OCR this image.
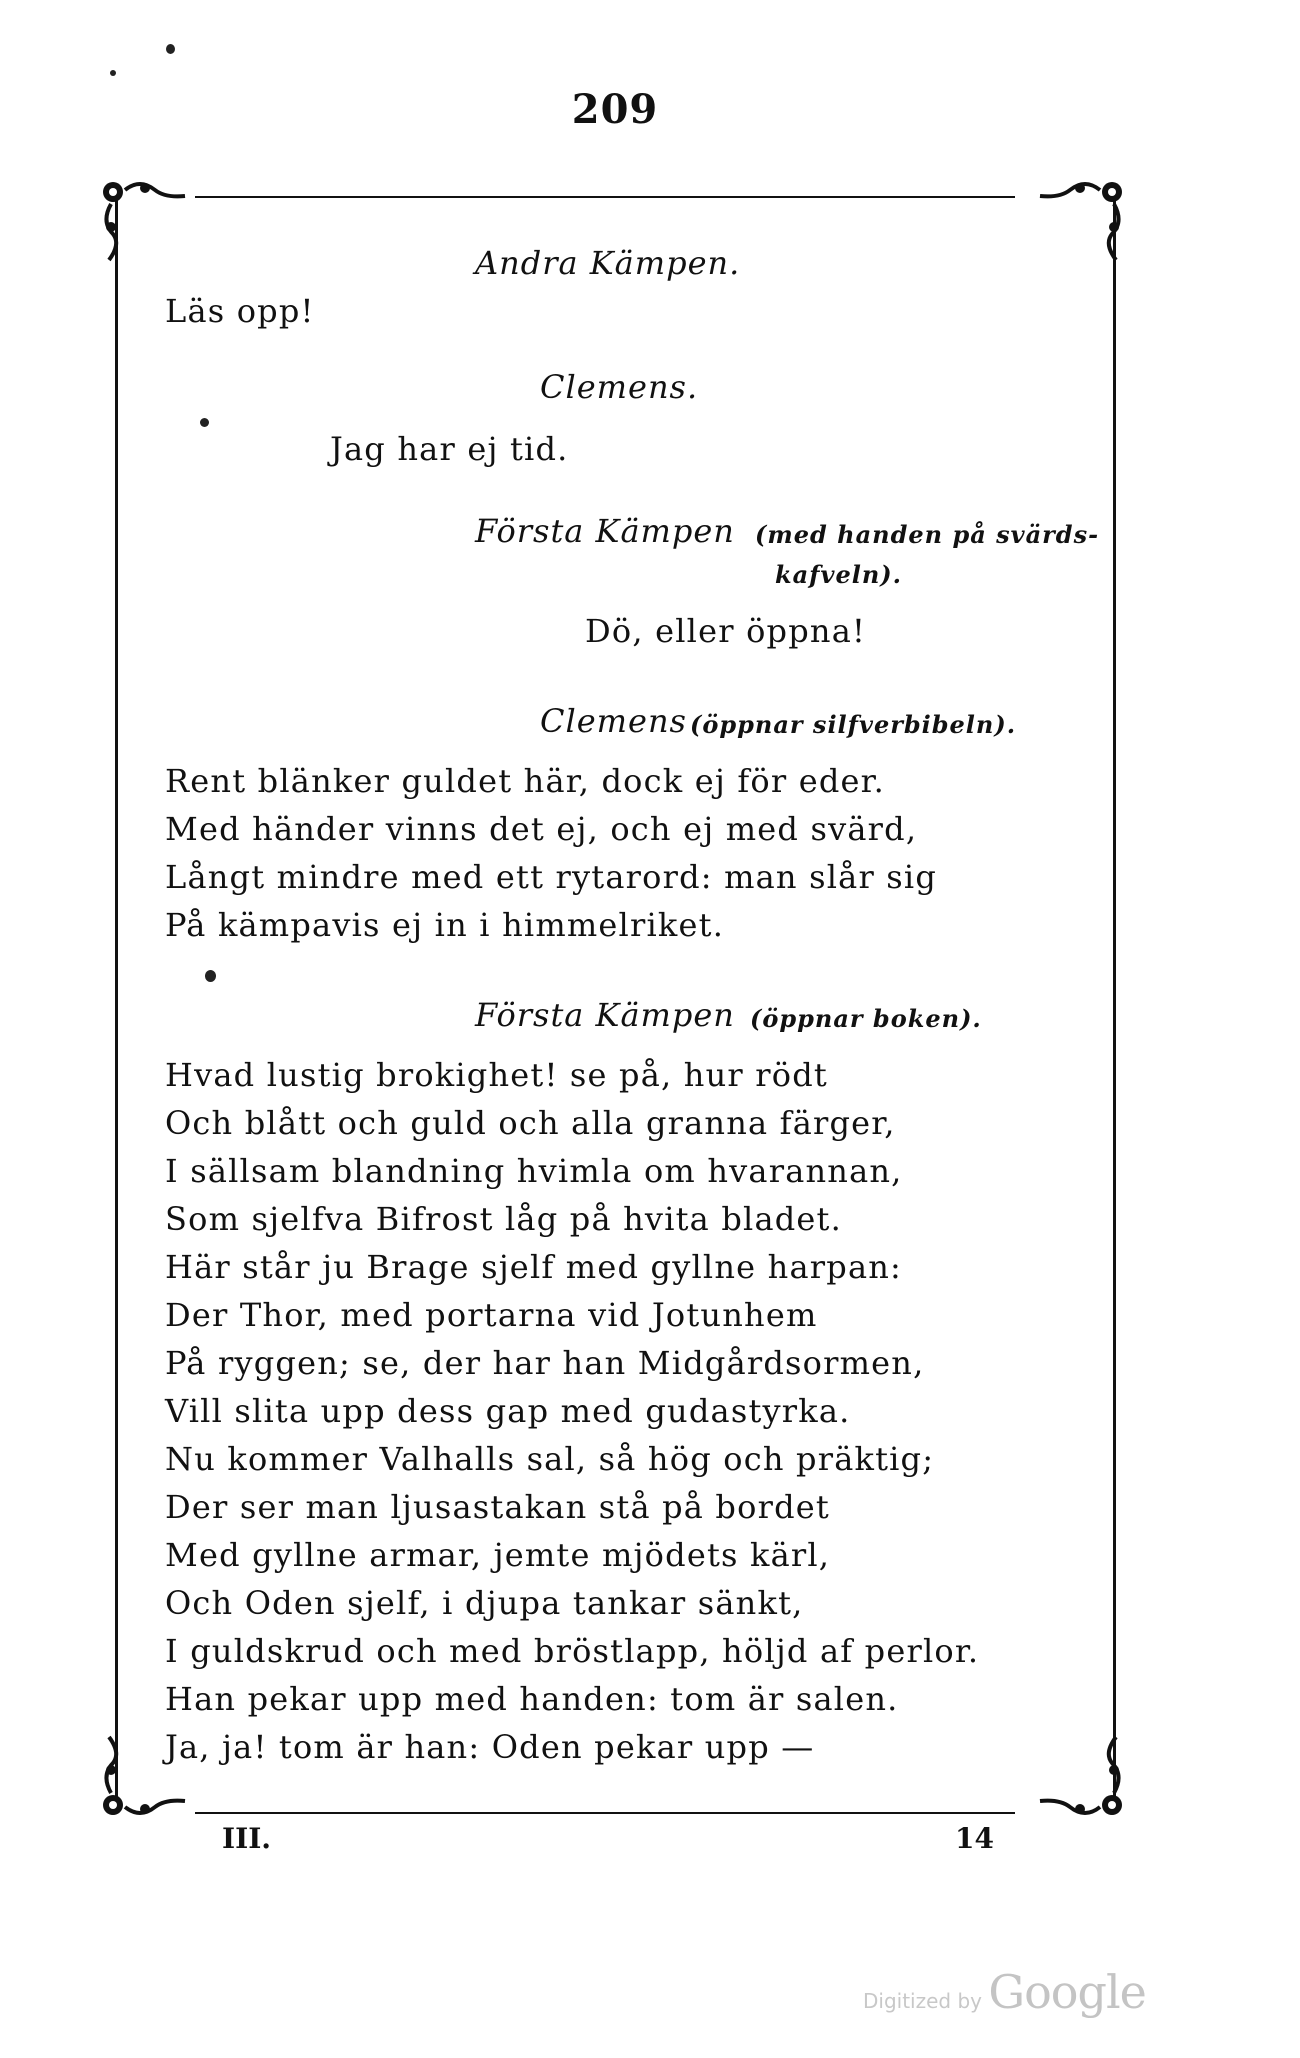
209
Andra Kämpen.
Läs opp!
Clemens.
Jag har ej tid.
Första Kämpen (med handen på svärds-
kafveln).
Dö, eller öppna!
Clemens (öppnar silfverbibeln).
Rent blänker guldet här, dock ej för eder.
Med händer vinns det ej, och ej med svärd,
Långt mindre med ett rytarord: man slår sig
På kämpavis ej in i himmelriket.
Första Kämpen (öppnar boken).
Hvad lustig brokighet! se på, hur rödt
Och blått och guld och alla granna färger,
I sällsam blandning hvimla om hvarannan,
Som sjelfva Bifrost låg på hvita bladet.
Här står ju Brage sjelf med gyllne harpan:
Der Thor, med portarna vid Jotunhem
På ryggen; se, der har han Midgårdsormen,
Vill slita upp dess gap med gudastyrka.
Nu kommer Valhalls sal, så hög och präktig;
Der ser man ljusastakan stå på bordet
Med gyllne armar, jemte mjödets kärl,
Och Oden sjelf, i djupa tankar sänkt,
I guldskrud och med bröstlapp, höljd af perlor.
Han pekar upp med handen: tom är salen.
Ja, ja! tom är han: Oden pekar upp —
III.	14
Digitized by Google
